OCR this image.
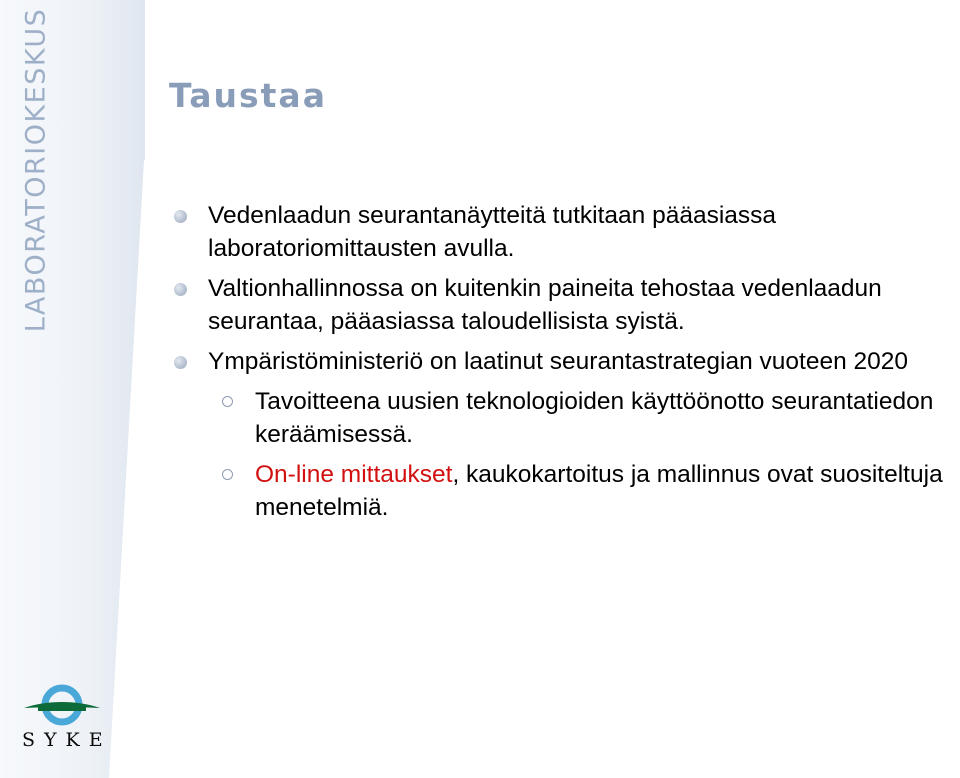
LABORATORIOKESKUS	Taustaa
Vedenlaadun seurantanäytteitä tutkitaan pääasiassa laboratoriomittausten avulla.
Valtionhallinnossa on kuitenkin paineita tehostaa vedenlaadun seurantaa, pääasiassa taloudellisista syistä.
Ympäristöministeriö on laatinut seurantastrategian vuoteen 2020
Tavoitteena uusien teknologioiden käyttöönotto seurantatiedon keräämisessä.
On-line mittaukset, kaukokartoitus ja mallinnus ovat suositeltuja menetelmiä.
SYKE
